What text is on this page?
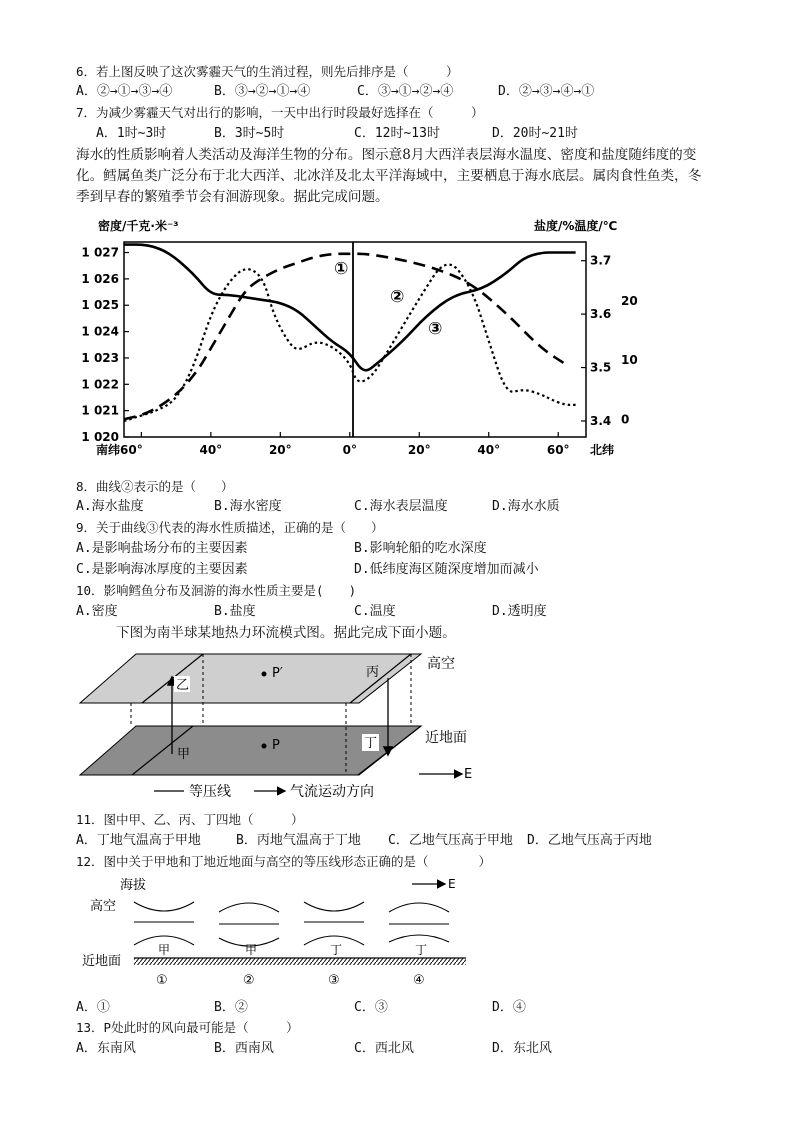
6．若上图反映了这次雾霾天气的生消过程，则先后排序是（　　　）
A．②→①→③→④	B．③→②→①→④	C．③→①→②→④	D．②→③→④→①
7．为减少雾霾天气对出行的影响，一天中出行时段最好选择在（　　　）
A．1时~3时	B．3时~5时	C．12时~13时	D．20时~21时
海水的性质影响着人类活动及海洋生物的分布。图示意8月大西洋表层海水温度、密度和盐度随纬度的变
化。鳕属鱼类广泛分布于北大西洋、北冰洋及北太平洋海域中，主要栖息于海水底层。属肉食性鱼类，冬
季到早春的繁殖季节会有洄游现象。据此完成问题。
密度/千克·米⁻³	盐度/%温度/℃
1 027
1 026
1 025
1 024
1 023
1 022
1 021
1 020
3.7
3.6
3.5
3.4
20
10
0
南纬60°	40°	20°	0°	20°	40°	60° 北纬
①
②
③
8．曲线②表示的是（　　）
A.海水盐度	B.海水密度	C.海水表层温度	D.海水水质
9．关于曲线③代表的海水性质描述，正确的是（　　）
A.是影响盐场分布的主要因素	B.影响轮船的吃水深度
C.是影响海冰厚度的主要因素	D.低纬度海区随深度增加而减小
10．影响鳕鱼分布及洄游的海水性质主要是(　　)
A.密度	B.盐度	C.温度	D.透明度
下图为南半球某地热力环流模式图。据此完成下面小题。
乙
丙
甲
丁
P′
P
高空
近地面
E
等压线	气流运动方向
11．图中甲、乙、丙、丁四地（　　　）
A．丁地气温高于甲地	B．丙地气温高于丁地 C．乙地气压高于甲地 D．乙地气压高于丙地
12．图中关于甲地和丁地近地面与高空的等压线形态正确的是（　　　　）
海拔
高空
近地面
E
甲
①
甲
②
丁
③
丁
④
A．①	B．②	C．③	D．④
13．P处此时的风向最可能是（　　　）
A．东南风	B．西南风	C．西北风	D．东北风
